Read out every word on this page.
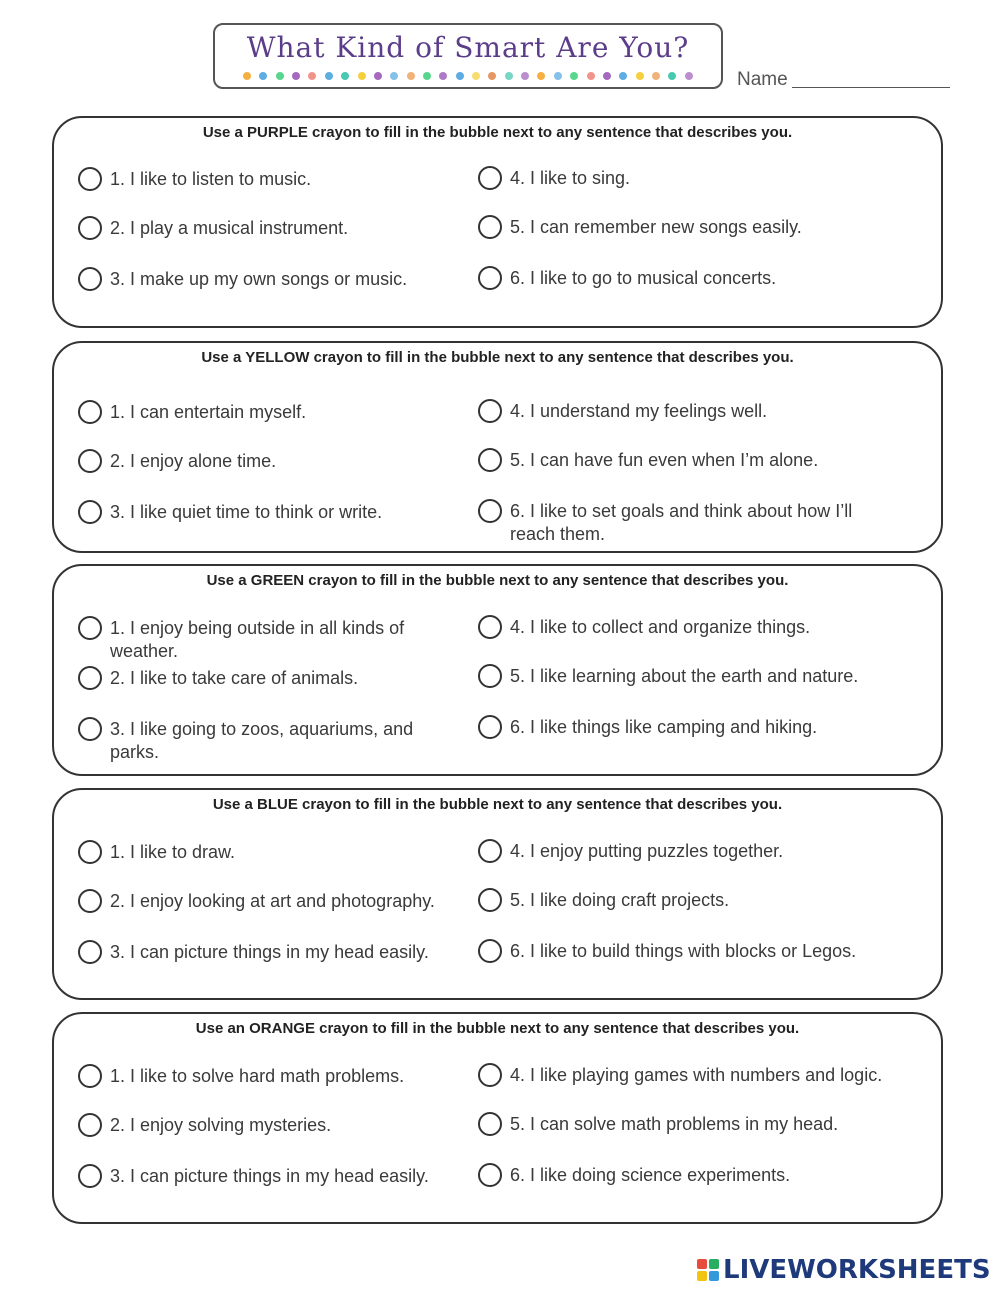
What Kind of Smart Are You?
Name
Use a PURPLE crayon to fill in the bubble next to any sentence that describes you.
1. I like to listen to music.
2. I play a musical instrument.
3. I make up my own songs or music.
4. I like to sing.
5. I can remember new songs easily.
6. I like to go to musical concerts.
Use a YELLOW crayon to fill in the bubble next to any sentence that describes you.
1. I can entertain myself.
2. I enjoy alone time.
3. I like quiet time to think or write.
4. I understand my feelings well.
5. I can have fun even when I’m alone.
6. I like to set goals and think about how I’ll reach them.
Use a GREEN crayon to fill in the bubble next to any sentence that describes you.
1. I enjoy being outside in all kinds of weather.
2. I like to take care of animals.
3. I like going to zoos, aquariums, and parks.
4. I like to collect and organize things.
5. I like learning about the earth and nature.
6. I like things like camping and hiking.
Use a BLUE crayon to fill in the bubble next to any sentence that describes you.
1. I like to draw.
2. I enjoy looking at art and photography.
3. I can picture things in my head easily.
4. I enjoy putting puzzles together.
5. I like doing craft projects.
6. I like to build things with blocks or Legos.
Use an ORANGE crayon to fill in the bubble next to any sentence that describes you.
1. I like to solve hard math problems.
2. I enjoy solving mysteries.
3. I can picture things in my head easily.
4. I like playing games with numbers and logic.
5. I can solve math problems in my head.
6. I like doing science experiments.
LIVEWORKSHEETS
